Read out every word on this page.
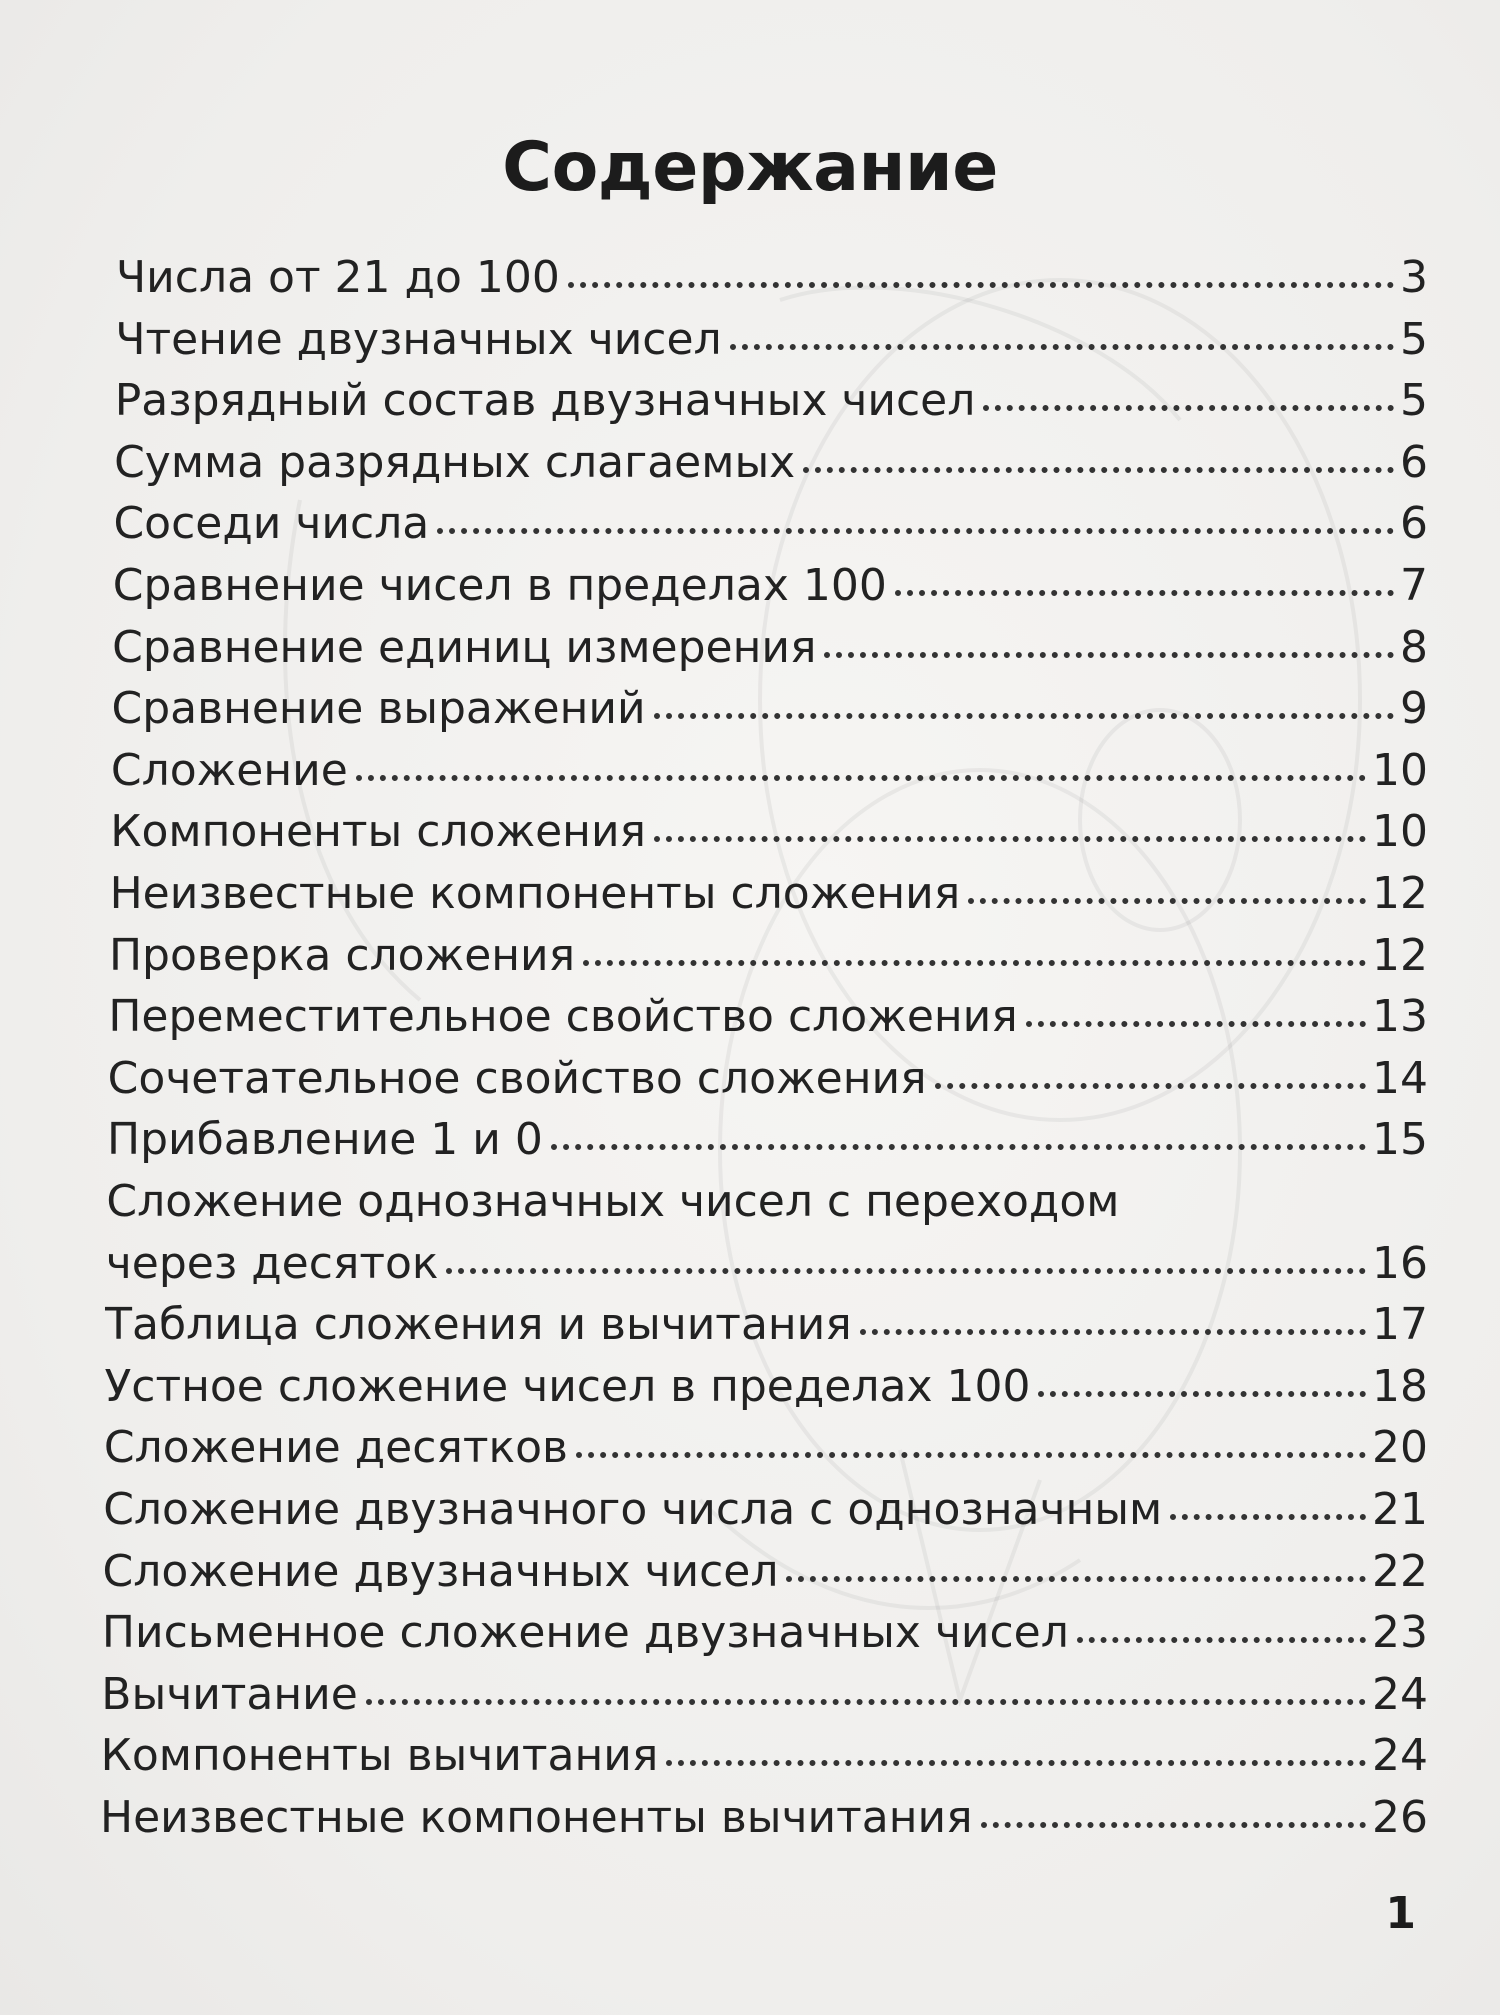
Содержание
Числа от 21 до 100	3
Чтение двузначных чисел	5
Разрядный состав двузначных чисел	5
Сумма разрядных слагаемых	6
Соседи числа	6
Сравнение чисел в пределах 100	7
Сравнение единиц измерения	8
Сравнение выражений	9
Сложение	10
Компоненты сложения	10
Неизвестные компоненты сложения	12
Проверка сложения	12
Переместительное свойство сложения	13
Сочетательное свойство сложения	14
Прибавление 1 и 0	15
Сложение однозначных чисел с переходом
через десяток	16
Таблица сложения и вычитания	17
Устное сложение чисел в пределах 100	18
Сложение десятков	20
Сложение двузначного числа с однозначным	21
Сложение двузначных чисел	22
Письменное сложение двузначных чисел	23
Вычитание	24
Компоненты вычитания	24
Неизвестные компоненты вычитания	26
1
